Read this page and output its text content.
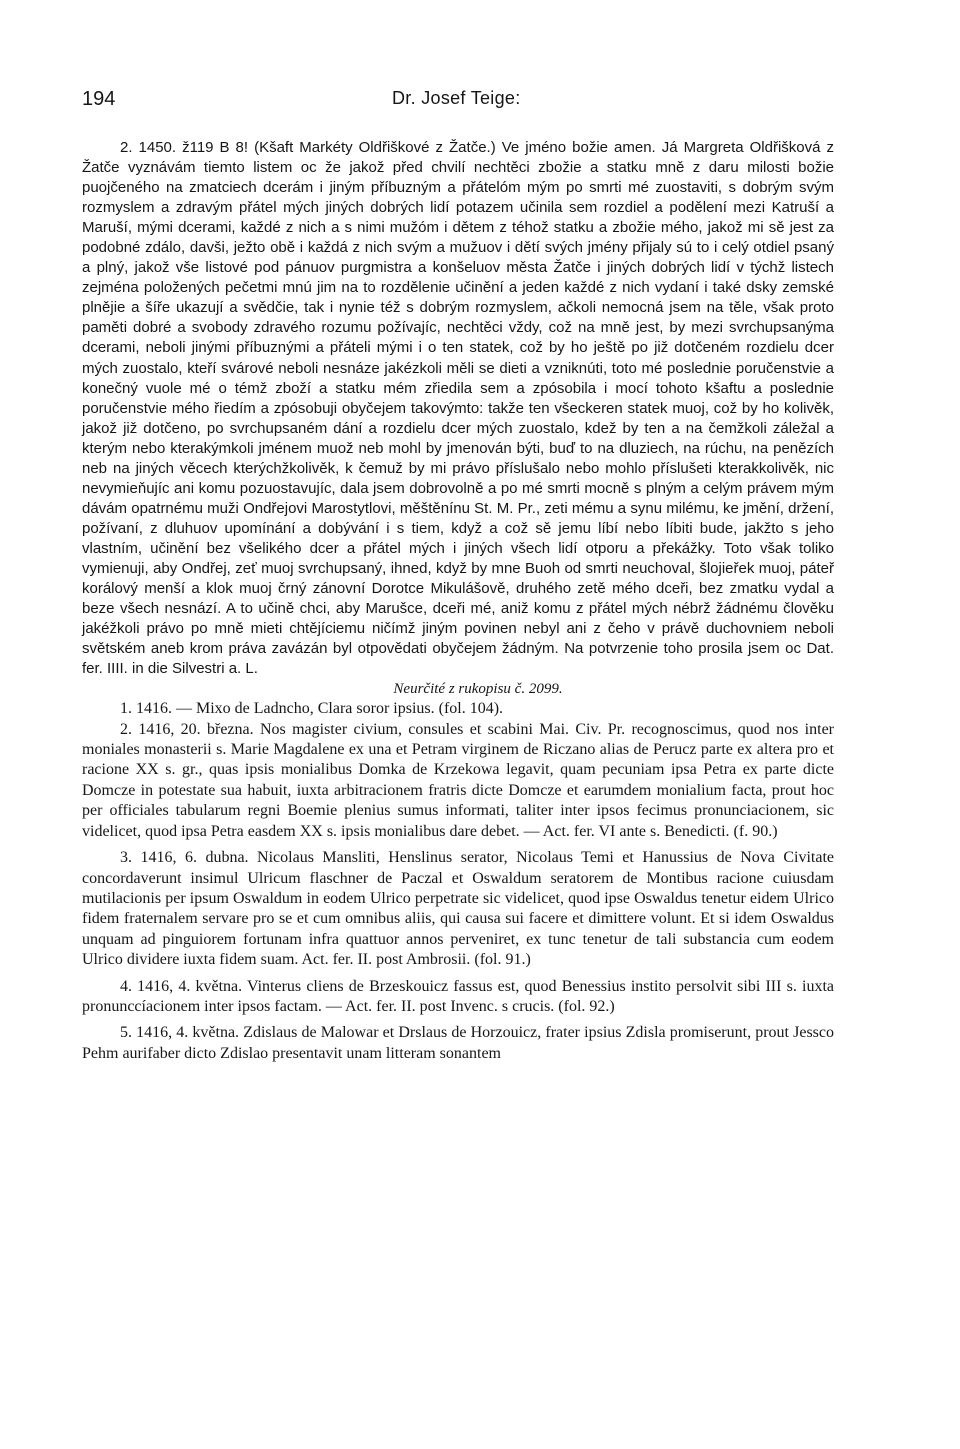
194	Dr. Josef Teige:

2. 1450. ž119 B 8! (Kšaft Markéty Oldřiškové z Žatče.) Ve jméno božie amen. Já Margreta Oldřišková z Žatče vyznávám tiemto listem oc že jakož před chvilí nechtěci zbožie a statku mně z daru milosti božie puojčeného na zmatciech dcerám i jiným příbuzným a přátelóm mým po smrti mé zuostaviti, s dobrým svým rozmyslem a zdravým přátel mých jiných dobrých lidí potazem učinila sem rozdiel a podělení mezi Katruší a Maruší, mými dcerami, každé z nich a s nimi mužóm i dětem z téhož statku a zbožie mého, jakož mi sě jest za podobné zdálo, davši, ježto obě i každá z nich svým a mužuov i dětí svých jmény přijaly sú to i celý otdiel psaný a plný, jakož vše listové pod pánuov purgmistra a konšeluov města Žatče i jiných dobrých lidí v týchž listech zejména položených pečetmi mnú jim na to rozdělenie učinění a jeden každé z nich vydaní i také dsky zemské plnějie a šíře ukazují a svědčie, tak i nynie též s dobrým rozmyslem, ačkoli nemocná jsem na těle, však proto paměti dobré a svobody zdravého rozumu požívajíc, nechtěci vždy, což na mně jest, by mezi svrchupsanýma dcerami, neboli jinými příbuznými a přáteli mými i o ten statek, což by ho ještě po již dotčeném rozdielu dcer mých zuostalo, kteří svárové neboli nesnáze jakézkoli měli se dieti a vzniknúti, toto mé poslednie poručenstvie a konečný vuole mé o témž zboží a statku mém zřiedila sem a zpósobila i mocí tohoto kšaftu a poslednie poručenstvie mého řiedím a zpósobuji obyčejem takovýmto: takže ten všeckeren statek muoj, což by ho kolivěk, jakož již dotčeno, po svrchupsaném dání a rozdielu dcer mých zuostalo, kdež by ten a na čemžkoli záležal a kterým nebo kterakýmkoli jménem muož neb mohl by jmenován býti, buď to na dluziech, na rúchu, na penězích neb na jiných věcech kterýchžkolivěk, k čemuž by mi právo příslušalo nebo mohlo příslušeti kterakkolivěk, nic nevymieňujíc ani komu pozuostavujíc, dala jsem dobrovolně a po mé smrti mocně s plným a celým právem mým dávám opatrnému muži Ondřejovi Marostytlovi, měštěnínu St. M. Pr., zeti mému a synu milému, ke jmění, držení, požívaní, z dluhuov upomínání a dobývání i s tiem, když a což sě jemu líbí nebo líbiti bude, jakžto s jeho vlastním, učinění bez všelikého dcer a přátel mých i jiných všech lidí otporu a překážky. Toto však toliko vymienuji, aby Ondřej, zeť muoj svrchupsaný, ihned, když by mne Buoh od smrti neuchoval, šlojieřek muoj, páteř korálový menší a klok muoj črný zánovní Dorotce Mikulášově, druhého zetě mého dceři, bez zmatku vydal a beze všech nesnází. A to učině chci, aby Marušce, dceři mé, aniž komu z přátel mých nébrž žádnému člověku jakéžkoli právo po mně mieti chtějíciemu ničímž jiným povinen nebyl ani z čeho v právě duchovniem neboli světském aneb krom práva zavázán byl otpovědati obyčejem žádným. Na potvrzenie toho prosila jsem oc Dat. fer. IIII. in die Silvestri a. L.

Neurčité z rukopisu č. 2099.

1. 1416. — Mixo de Ladncho, Clara soror ipsius. (fol. 104).

2. 1416, 20. března. Nos magister civium, consules et scabini Mai. Civ. Pr. recognoscimus, quod nos inter moniales monasterii s. Marie Magdalene ex una et Petram virginem de Riczano alias de Perucz parte ex altera pro et racione XX s. gr., quas ipsis monialibus Domka de Krzekowa legavit, quam pecuniam ipsa Petra ex parte dicte Domcze in potestate sua habuit, iuxta arbitracionem fratris dicte Domcze et earumdem monialium facta, prout hoc per officiales tabularum regni Boemie plenius sumus informati, taliter inter ipsos fecimus pronunciacionem, sic videlicet, quod ipsa Petra easdem XX s. ipsis monialibus dare debet. — Act. fer. VI ante s. Benedicti. (f. 90.)

3. 1416, 6. dubna. Nicolaus Mansliti, Henslinus serator, Nicolaus Temi et Hanussius de Nova Civitate concordaverunt insimul Ulricum flaschner de Paczal et Oswaldum seratorem de Montibus racione cuiusdam mutilacionis per ipsum Oswaldum in eodem Ulrico perpetrate sic videlicet, quod ipse Oswaldus tenetur eidem Ulrico fidem fraternalem servare pro se et cum omnibus aliis, qui causa sui facere et dimittere volunt. Et si idem Oswaldus unquam ad pinguiorem fortunam infra quattuor annos perveniret, ex tunc tenetur de tali substancia cum eodem Ulrico dividere iuxta fidem suam. Act. fer. II. post Ambrosii. (fol. 91.)

4. 1416, 4. května. Vinterus cliens de Brzeskouicz fassus est, quod Benessius instito persolvit sibi III s. iuxta pronunccíacionem inter ipsos factam. — Act. fer. II. post Invenc. s crucis. (fol. 92.)

5. 1416, 4. května. Zdislaus de Malowar et Drslaus de Horzouicz, frater ipsius Zdisla promiserunt, prout Jessco Pehm aurifaber dicto Zdislao presentavit unam litteram sonantem
